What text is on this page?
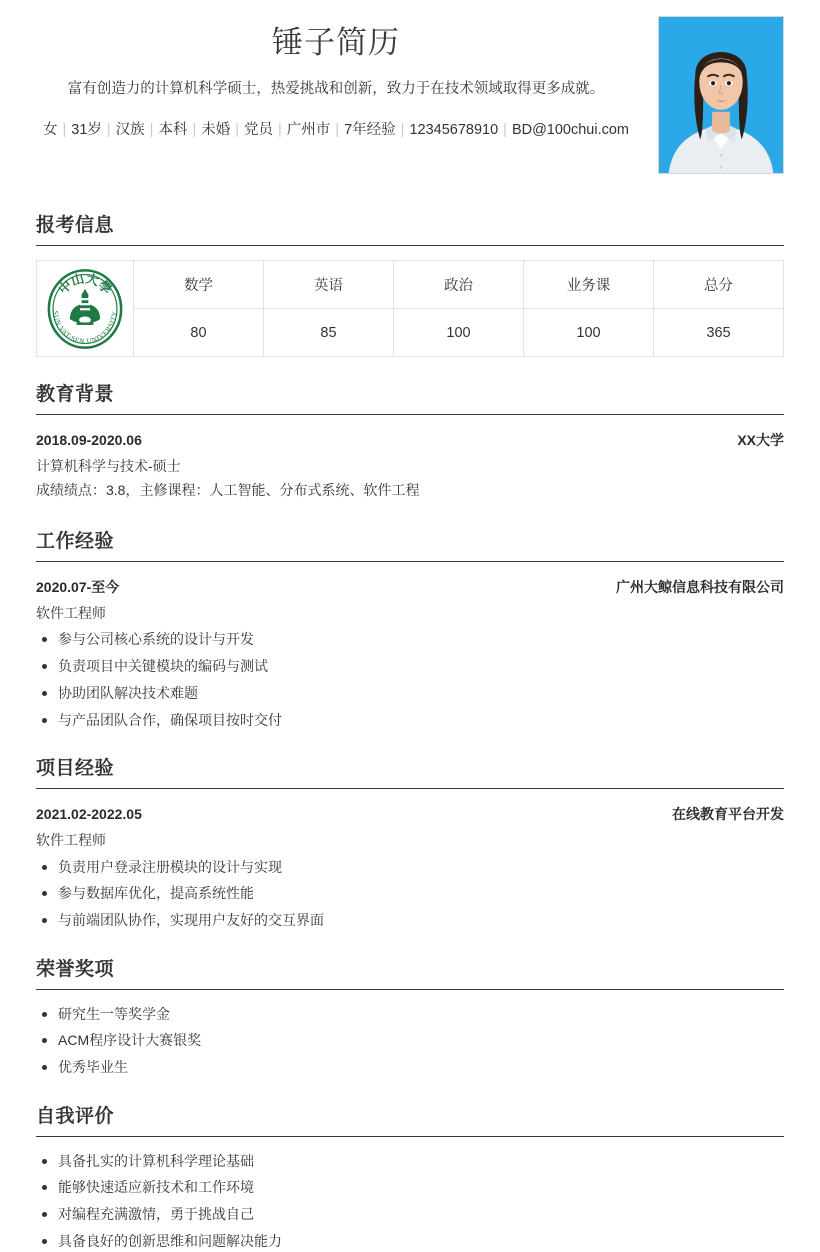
锤子简历
富有创造力的计算机科学硕士，热爱挑战和创新，致力于在技术领域取得更多成就。
女 | 31岁 | 汉族 | 本科 | 未婚 | 党员 | 广州市 | 7年经验 | 12345678910 | BD@100chui.com
报考信息
中山大學
SUN YAT-SEN UNIVERSITY	数学	英语	政治	业务课	总分
	80	85	100	100	365
教育背景
2018.09-2020.06	XX大学
计算机科学与技术-硕士
成绩绩点：3.8，主修课程：人工智能、分布式系统、软件工程
工作经验
2020.07-至今	广州大鲸信息科技有限公司
软件工程师
参与公司核心系统的设计与开发
负责项目中关键模块的编码与测试
协助团队解决技术难题
与产品团队合作，确保项目按时交付
项目经验
2021.02-2022.05	在线教育平台开发
软件工程师
负责用户登录注册模块的设计与实现
参与数据库优化，提高系统性能
与前端团队协作，实现用户友好的交互界面
荣誉奖项
研究生一等奖学金
ACM程序设计大赛银奖
优秀毕业生
自我评价
具备扎实的计算机科学理论基础
能够快速适应新技术和工作环境
对编程充满激情，勇于挑战自己
具备良好的创新思维和问题解决能力
